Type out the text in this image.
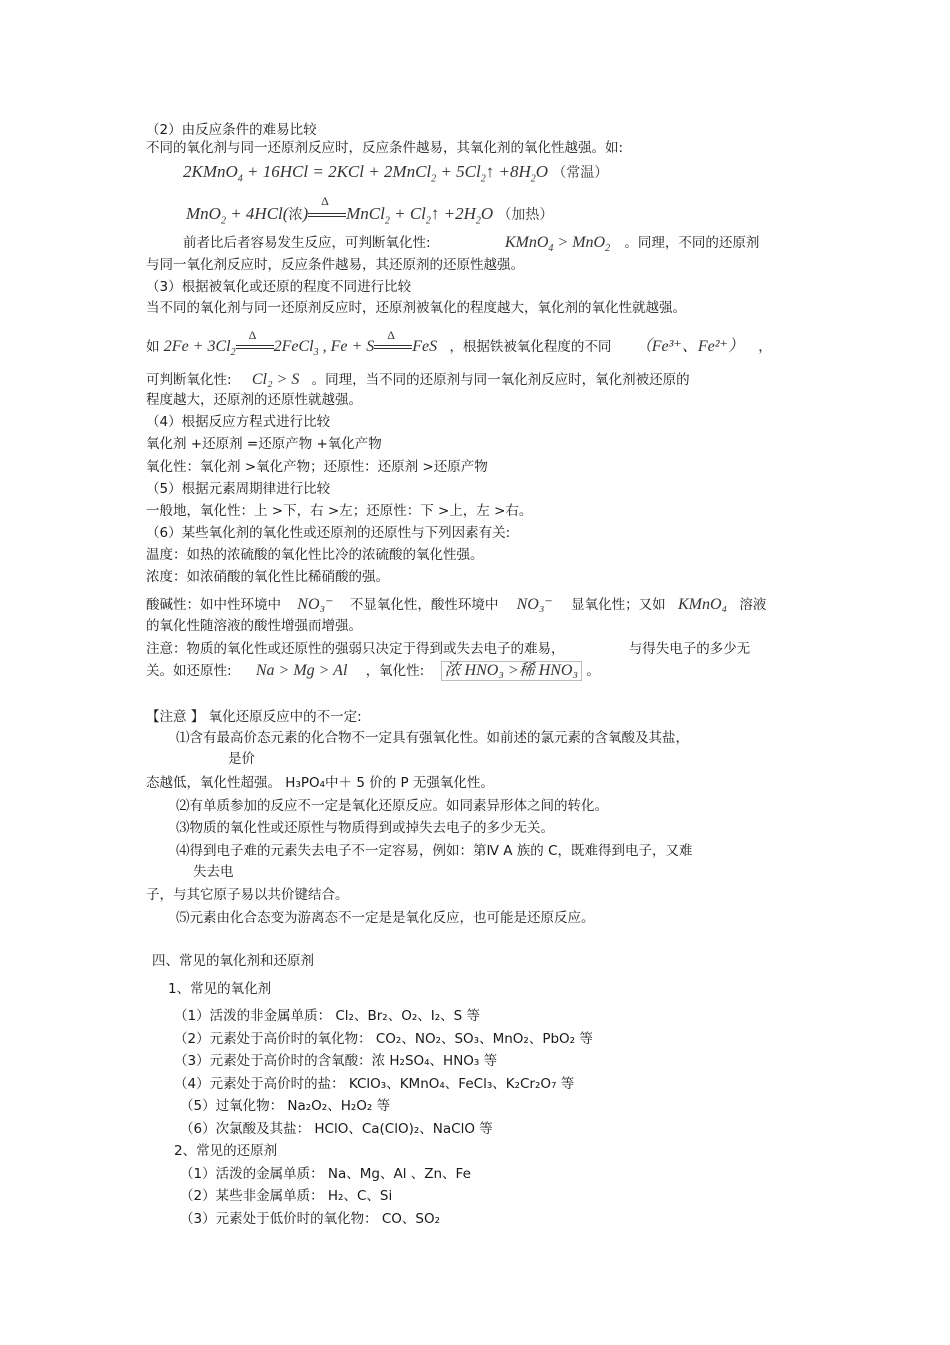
（2）由反应条件的难易比较
不同的氧化剂与同一还原剂反应时，反应条件越易，其氧化剂的氧化性越强。如:
2KMnO$_4$ + 16HCl = 2KCl + 2MnCl$_2$ + $5Cl_2↑ +8H_2O$ （常温）
MnO$_2$ + 4HCl(浓)
Δ
MnCl$_2$ + $Cl_2↑ +2H_2O$ （加热）
前者比后者容易发生反应，可判断氧化性:	KMnO$_4$ > MnO$_2$ 。同理，不同的还原剂
与同一氧化剂反应时，反应条件越易，其还原剂的还原性越强。
（3）根据被氧化或还原的程度不同进行比较
当不同的氧化剂与同一还原剂反应时，还原剂被氧化的程度越大，氧化剂的氧化性就越强。
如 $2Fe + 3Cl_2$
Δ
2FeCl$_3$ , Fe + S
Δ
FeS ，根据铁被氧化程度的不同 （Fe³⁺、Fe²⁺） ，
可判断氧化性: Cl₂ > S 。同理，当不同的还原剂与同一氧化剂反应时，氧化剂被还原的
程度越大，还原剂的还原性就越强。
（4）根据反应方程式进行比较
氧化剂 +还原剂 =还原产物 +氧化产物
氧化性：氧化剂 >氧化产物；还原性：还原剂 >还原产物
（5）根据元素周期律进行比较
一般地，氧化性：上 >下，右 >左；还原性：下 >上，左 >右。
（6）某些氧化剂的氧化性或还原剂的还原性与下列因素有关:
温度：如热的浓硫酸的氧化性比冷的浓硫酸的氧化性强。
浓度：如浓硝酸的氧化性比稀硝酸的强。
酸碱性：如中性环境中 NO₃⁻ 不显氧化性，酸性环境中 NO₃⁻ 显氧化性；又如 KMnO₄ 溶液
的氧化性随溶液的酸性增强而增强。
注意：物质的氧化性或还原性的强弱只决定于得到或失去电子的难易，	与得失电子的多少无
关。如还原性: Na > Mg > Al ，氧化性: 浓 HNO₃ >稀 HNO₃ 。
【注意 】 氧化还原反应中的不一定:
⑴含有最高价态元素的化合物不一定具有强氧化性。如前述的氯元素的含氧酸及其盐，
是价
态越低，氧化性超强。 H₃PO₄中＋ 5 价的 P 无强氧化性。
⑵有单质参加的反应不一定是氧化还原反应。如同素异形体之间的转化。
⑶物质的氧化性或还原性与物质得到或掉失去电子的多少无关。
⑷得到电子难的元素失去电子不一定容易，例如：第Ⅳ A 族的 C，既难得到电子，又难
失去电
子，与其它原子易以共价键结合。
⑸元素由化合态变为游离态不一定是是氧化反应，也可能是还原反应。
四、常见的氧化剂和还原剂
1、常见的氧化剂
（1）活泼的非金属单质： Cl₂、Br₂、O₂、I₂、S 等
（2）元素处于高价时的氧化物： CO₂、NO₂、SO₃、MnO₂、PbO₂ 等
（3）元素处于高价时的含氧酸：浓 H₂SO₄、HNO₃ 等
（4）元素处于高价时的盐： KClO₃、KMnO₄、FeCl₃、K₂Cr₂O₇ 等
（5）过氧化物： Na₂O₂、H₂O₂ 等
（6）次氯酸及其盐： HClO、Ca(ClO)₂、NaClO 等
2、常见的还原剂
（1）活泼的金属单质： Na、Mg、Al 、Zn、Fe
（2）某些非金属单质： H₂、C、Si
（3）元素处于低价时的氧化物： CO、SO₂
